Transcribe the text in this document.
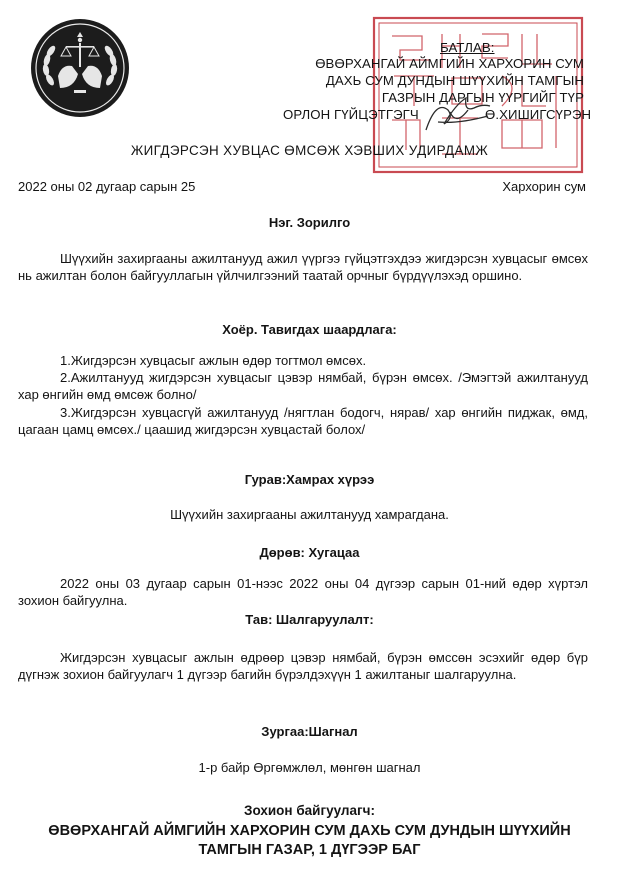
БАТЛАВ:
ӨВӨРХАНГАЙ АЙМГИЙН ХАРХОРИН СУМ
ДАХЬ СУМ ДУНДЫН ШҮҮХИЙН ТАМГЫН
ГАЗРЫН ДАРГЫН ҮҮРГИЙГ ТҮР
ОРЛОН ГҮЙЦЭТГЭГЧ	Ө.ХИШИГСҮРЭН
ЖИГДЭРСЭН ХУВЦАС ӨМСӨЖ ХЭВШИХ УДИРДАМЖ
2022 оны 02 дугаар сарын 25	Хархорин сум
Нэг. Зорилго

Шүүхийн захиргааны ажилтанууд ажил үүргээ гүйцэтгэхдээ жигдэрсэн хувцасыг өмсөх нь ажилтан болон байгууллагын үйлчилгээний таатай орчныг бүрдүүлэхэд оршино.

Хоёр. Тавигдах шаардлага:

1.Жигдэрсэн хувцасыг ажлын өдөр тогтмол өмсөх.

2.Ажилтанууд жигдэрсэн хувцасыг цэвэр нямбай, бүрэн өмсөх. /Эмэгтэй ажилтанууд хар өнгийн өмд өмсөж болно/

3.Жигдэрсэн хувцасгүй ажилтанууд /нягтлан бодогч, нярав/ хар өнгийн пиджак, өмд, цагаан цамц өмсөх./ цаашид жигдэрсэн хувцастай болох/

Гурав:Хамрах хүрээ
Шүүхийн захиргааны ажилтанууд хамрагдана.
Дөрөв: Хугацаа

2022 оны 03 дугаар сарын 01-нээс 2022 оны 04 дүгээр сарын 01-ний өдөр хүртэл зохион байгуулна.

Тав: Шалгаруулалт:

Жигдэрсэн хувцасыг ажлын өдрөөр цэвэр нямбай, бүрэн өмссөн эсэхийг өдөр бүр дүгнэж зохион байгуулагч 1 дүгээр багийн бүрэлдэхүүн 1 ажилтаныг шалгаруулна.

Зургаа:Шагнал
1-р байр Өргөмжлөл, мөнгөн шагнал
Зохион байгуулагч:
ӨВӨРХАНГАЙ АЙМГИЙН ХАРХОРИН СУМ ДАХЬ СУМ ДУНДЫН ШҮҮХИЙН
ТАМГЫН ГАЗАР, 1 ДҮГЭЭР БАГ
